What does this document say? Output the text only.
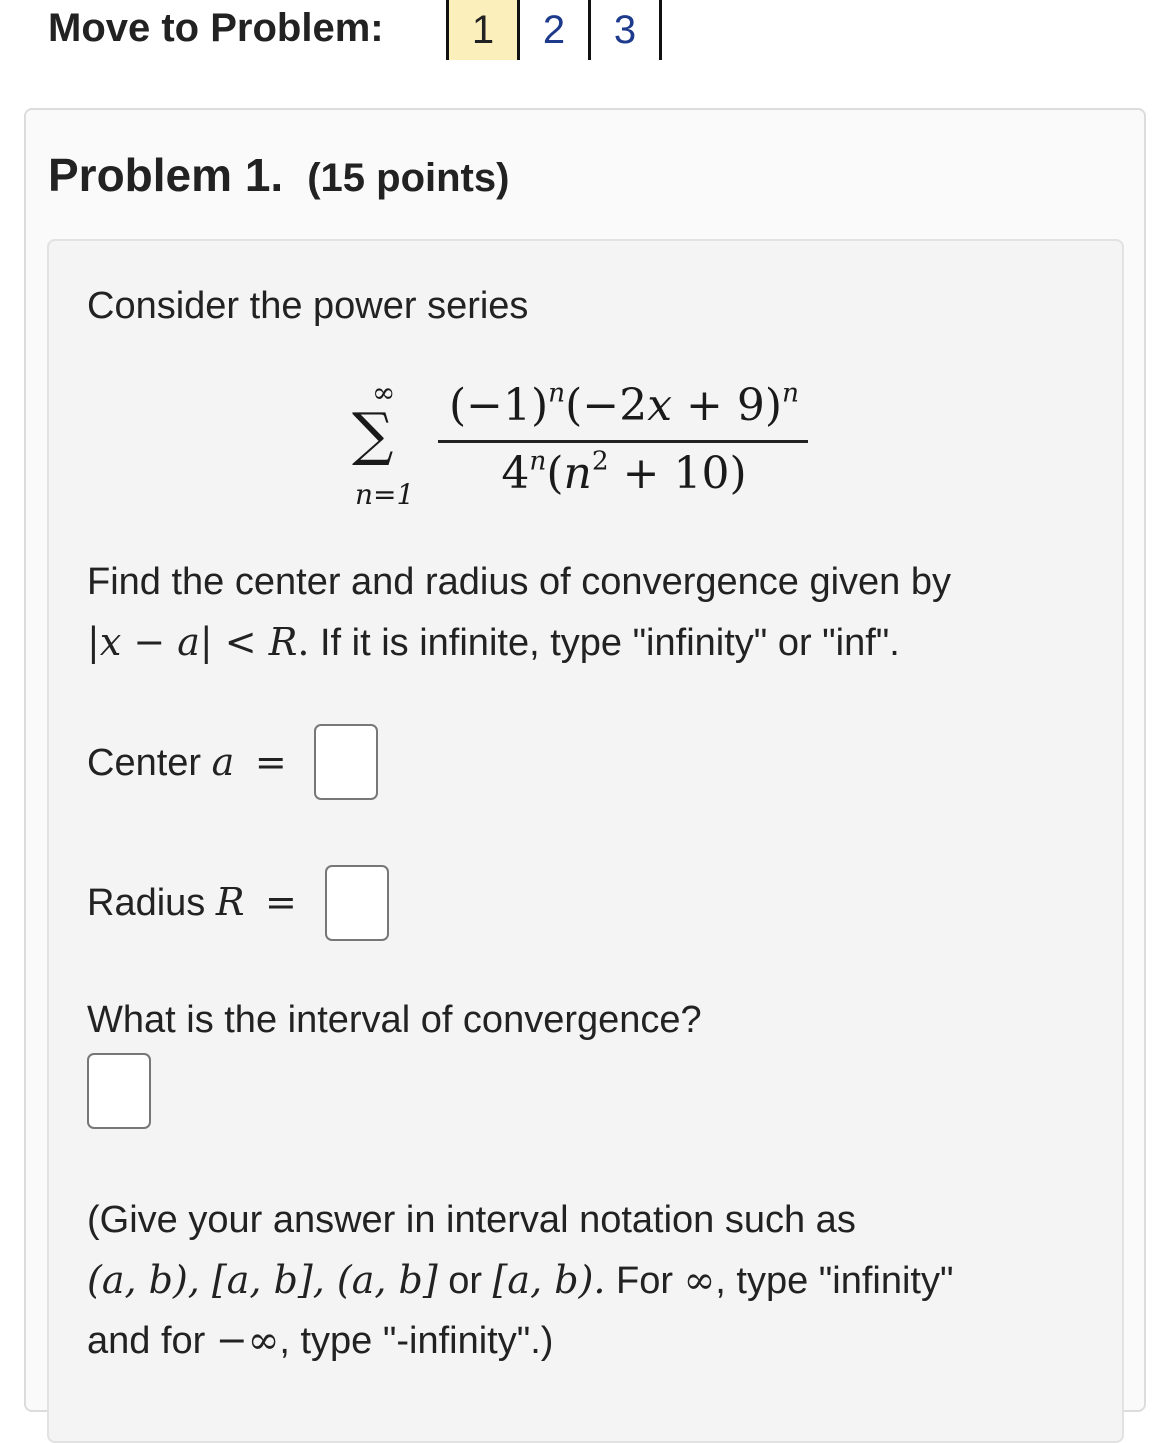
Move to Problem:	1	2	3
Problem 1. (15 points)
Consider the power series
∞
∑
n=1
$(-1)^n(-2x + 9)^n$
$4^n(n^2 + 10)$
Find the center and radius of convergence given by
|x − a| < R. If it is infinite, type "infinity" or "inf".
Center a =
Radius R =
What is the interval of convergence?
(Give your answer in interval notation such as
(a, b), [a, b], (a, b] or [a, b). For ∞, type "infinity"
and for −∞, type "-infinity".)
